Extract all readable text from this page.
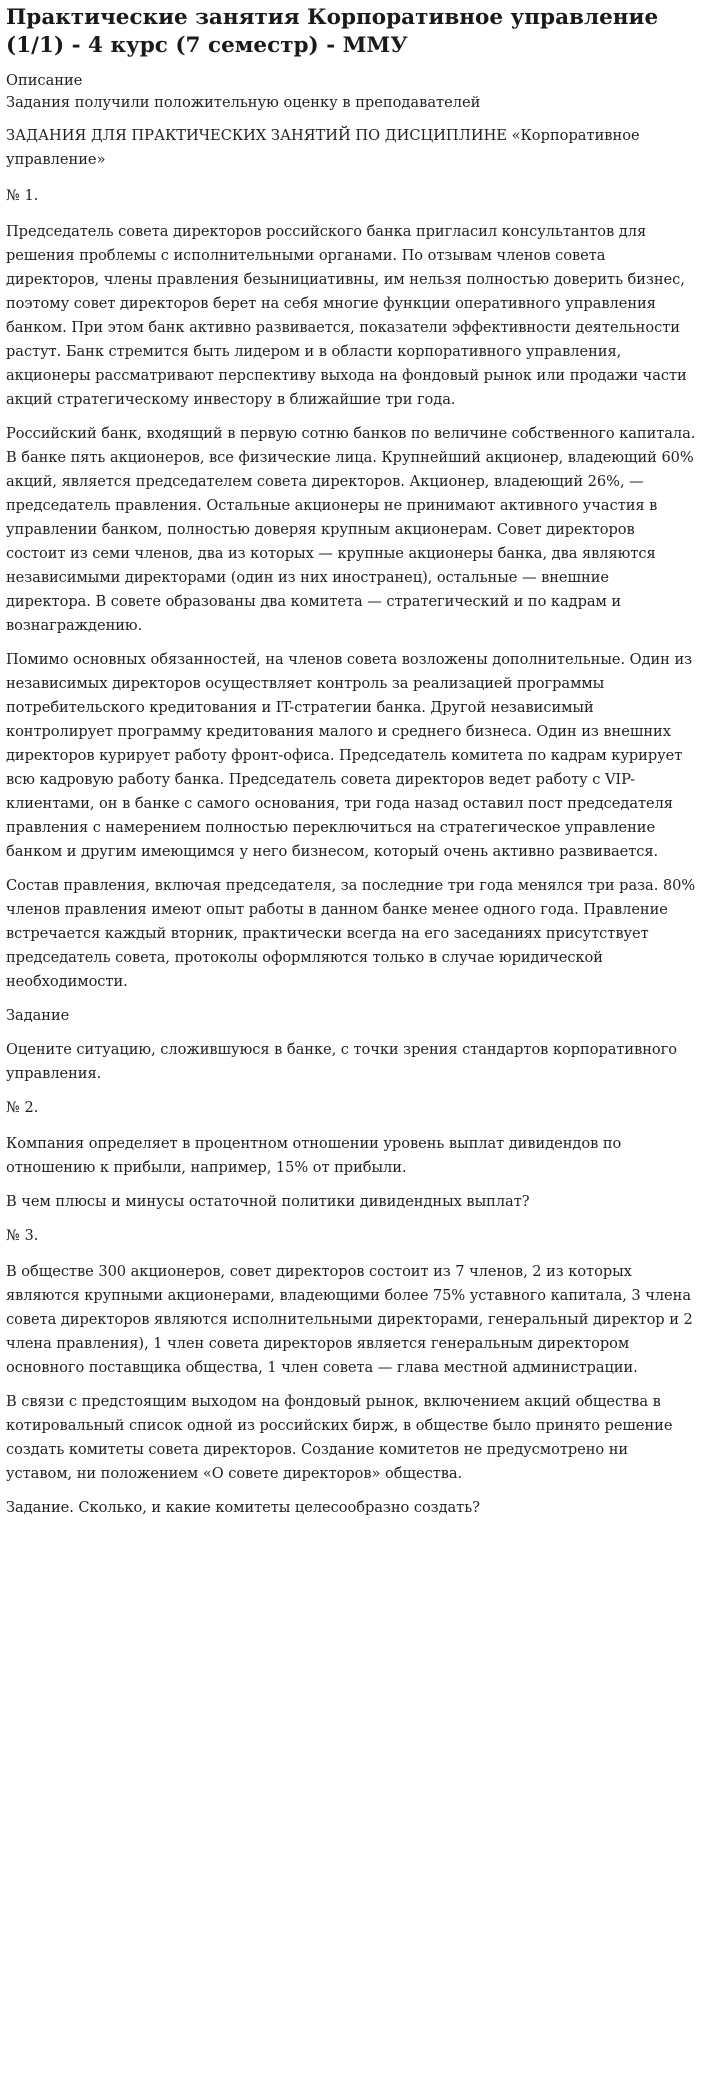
Практические занятия Корпоративное управление (1/1) - 4 курс (7 семестр) - ММУ
Описание
Задания получили положительную оценку в преподавателей
ЗАДАНИЯ ДЛЯ ПРАКТИЧЕСКИХ ЗАНЯТИЙ ПО ДИСЦИПЛИНЕ «Корпоративное управление»
№ 1.

Председатель совета директоров российского банка пригласил консультантов для решения проблемы с исполнительными органами. По отзывам членов совета директоров, члены правления безынициативны, им нельзя полностью доверить бизнес, поэтому совет директоров берет на себя многие функции оперативного управления банком. При этом банк активно развивается, показатели эффективности деятельности растут. Банк стремится быть лидером и в области корпоративного управления, акционеры рассматривают перспективу выхода на фондовый рынок или продажи части акций стратегическому инвестору в ближайшие три года.

Российский банк, входящий в первую сотню банков по величине собственного капитала. В банке пять акционеров, все физические лица. Крупнейший акционер, владеющий 60% акций, является председателем совета директоров. Акционер, владеющий 26%, — председатель правления. Остальные акционеры не принимают активного участия в управлении банком, полностью доверяя крупным акционерам. Совет директоров состоит из семи членов, два из которых — крупные акционеры банка, два являются независимыми директорами (один из них иностранец), остальные — внешние директора. В совете образованы два комитета — стратегический и по кадрам и вознаграждению.

Помимо основных обязанностей, на членов совета возложены дополнительные. Один из независимых директоров осуществляет контроль за реализацией программы потребительского кредитования и IT-стратегии банка. Другой независимый контролирует программу кредитования малого и среднего бизнеса. Один из внешних директоров курирует работу фронт-офиса. Председатель комитета по кадрам курирует всю кадровую работу банка. Председатель совета директоров ведет работу с VIP-клиентами, он в банке с самого основания, три года назад оставил пост председателя правления с намерением полностью переключиться на стратегическое управление банком и другим имеющимся у него бизнесом, который очень активно развивается.

Состав правления, включая председателя, за последние три года менялся три раза. 80% членов правления имеют опыт работы в данном банке менее одного года. Правление встречается каждый вторник, практически всегда на его заседаниях присутствует председатель совета, протоколы оформляются только в случае юридической необходимости.

Задание

Оцените ситуацию, сложившуюся в банке, с точки зрения стандартов корпоративного управления.

№ 2.

Компания определяет в процентном отношении уровень выплат дивидендов по отношению к прибыли, например, 15% от прибыли.

В чем плюсы и минусы остаточной политики дивидендных выплат?

№ 3.

В обществе 300 акционеров, совет директоров состоит из 7 членов, 2 из которых являются крупными акционерами, владеющими более 75% уставного капитала, 3 члена совета директоров являются исполнительными директорами, генеральный директор и 2 члена правления), 1 член совета директоров является генеральным директором основного поставщика общества, 1 член совета — глава местной администрации.

В связи с предстоящим выходом на фондовый рынок, включением акций общества в котировальный список одной из российских бирж, в обществе было принято решение создать комитеты совета директоров. Создание комитетов не предусмотрено ни уставом, ни положением «О совете директоров» общества.

Задание. Сколько, и какие комитеты целесообразно создать?
